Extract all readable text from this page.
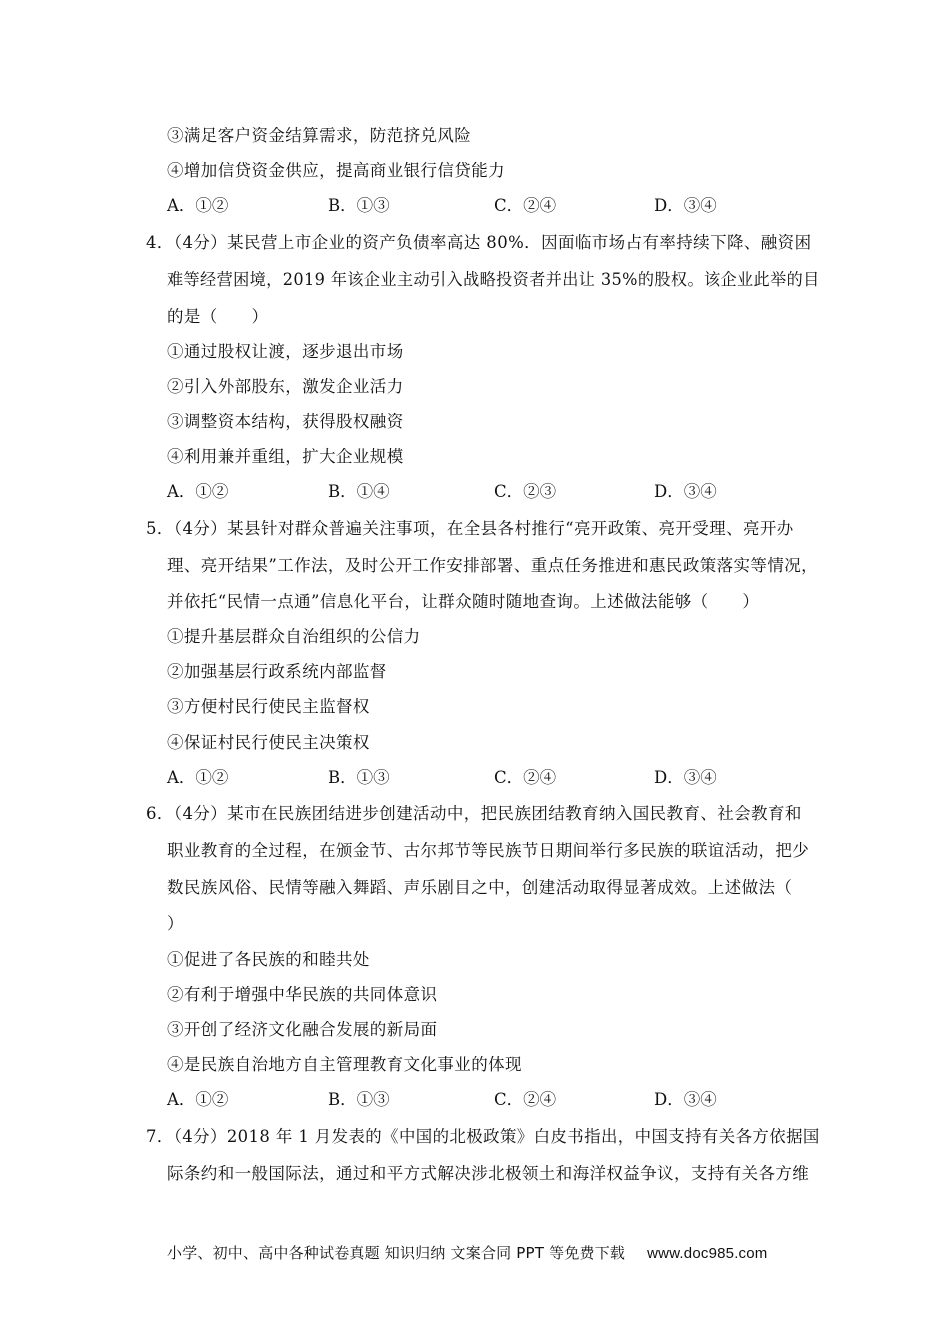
③满足客户资金结算需求，防范挤兑风险
④增加信贷资金供应，提高商业银行信贷能力
A．①②	B．①③	C．②④	D．③④
4．（4分）某民营上市企业的资产负债率高达 80%．因面临市场占有率持续下降、融资困
难等经营困境，2019 年该企业主动引入战略投资者并出让 35%的股权。该企业此举的目
的是（　　）
①通过股权让渡，逐步退出市场
②引入外部股东，激发企业活力
③调整资本结构，获得股权融资
④利用兼并重组，扩大企业规模
A．①②	B．①④	C．②③	D．③④
5．（4分）某县针对群众普遍关注事项，在全县各村推行“亮开政策、亮开受理、亮开办
理、亮开结果”工作法，及时公开工作安排部署、重点任务推进和惠民政策落实等情况，
并依托“民情一点通”信息化平台，让群众随时随地查询。上述做法能够（　　）
①提升基层群众自治组织的公信力
②加强基层行政系统内部监督
③方便村民行使民主监督权
④保证村民行使民主决策权
A．①②	B．①③	C．②④	D．③④
6．（4分）某市在民族团结进步创建活动中，把民族团结教育纳入国民教育、社会教育和
职业教育的全过程，在颁金节、古尔邦节等民族节日期间举行多民族的联谊活动，把少
数民族风俗、民情等融入舞蹈、声乐剧目之中，创建活动取得显著成效。上述做法（
）
①促进了各民族的和睦共处
②有利于增强中华民族的共同体意识
③开创了经济文化融合发展的新局面
④是民族自治地方自主管理教育文化事业的体现
A．①②	B．①③	C．②④	D．③④
7．（4分）2018 年 1 月发表的《中国的北极政策》白皮书指出，中国支持有关各方依据国
际条约和一般国际法，通过和平方式解决涉北极领土和海洋权益争议，支持有关各方维
小学、初中、高中各种试卷真题 知识归纳 文案合同 PPT 等免费下载 www.doc985.com
